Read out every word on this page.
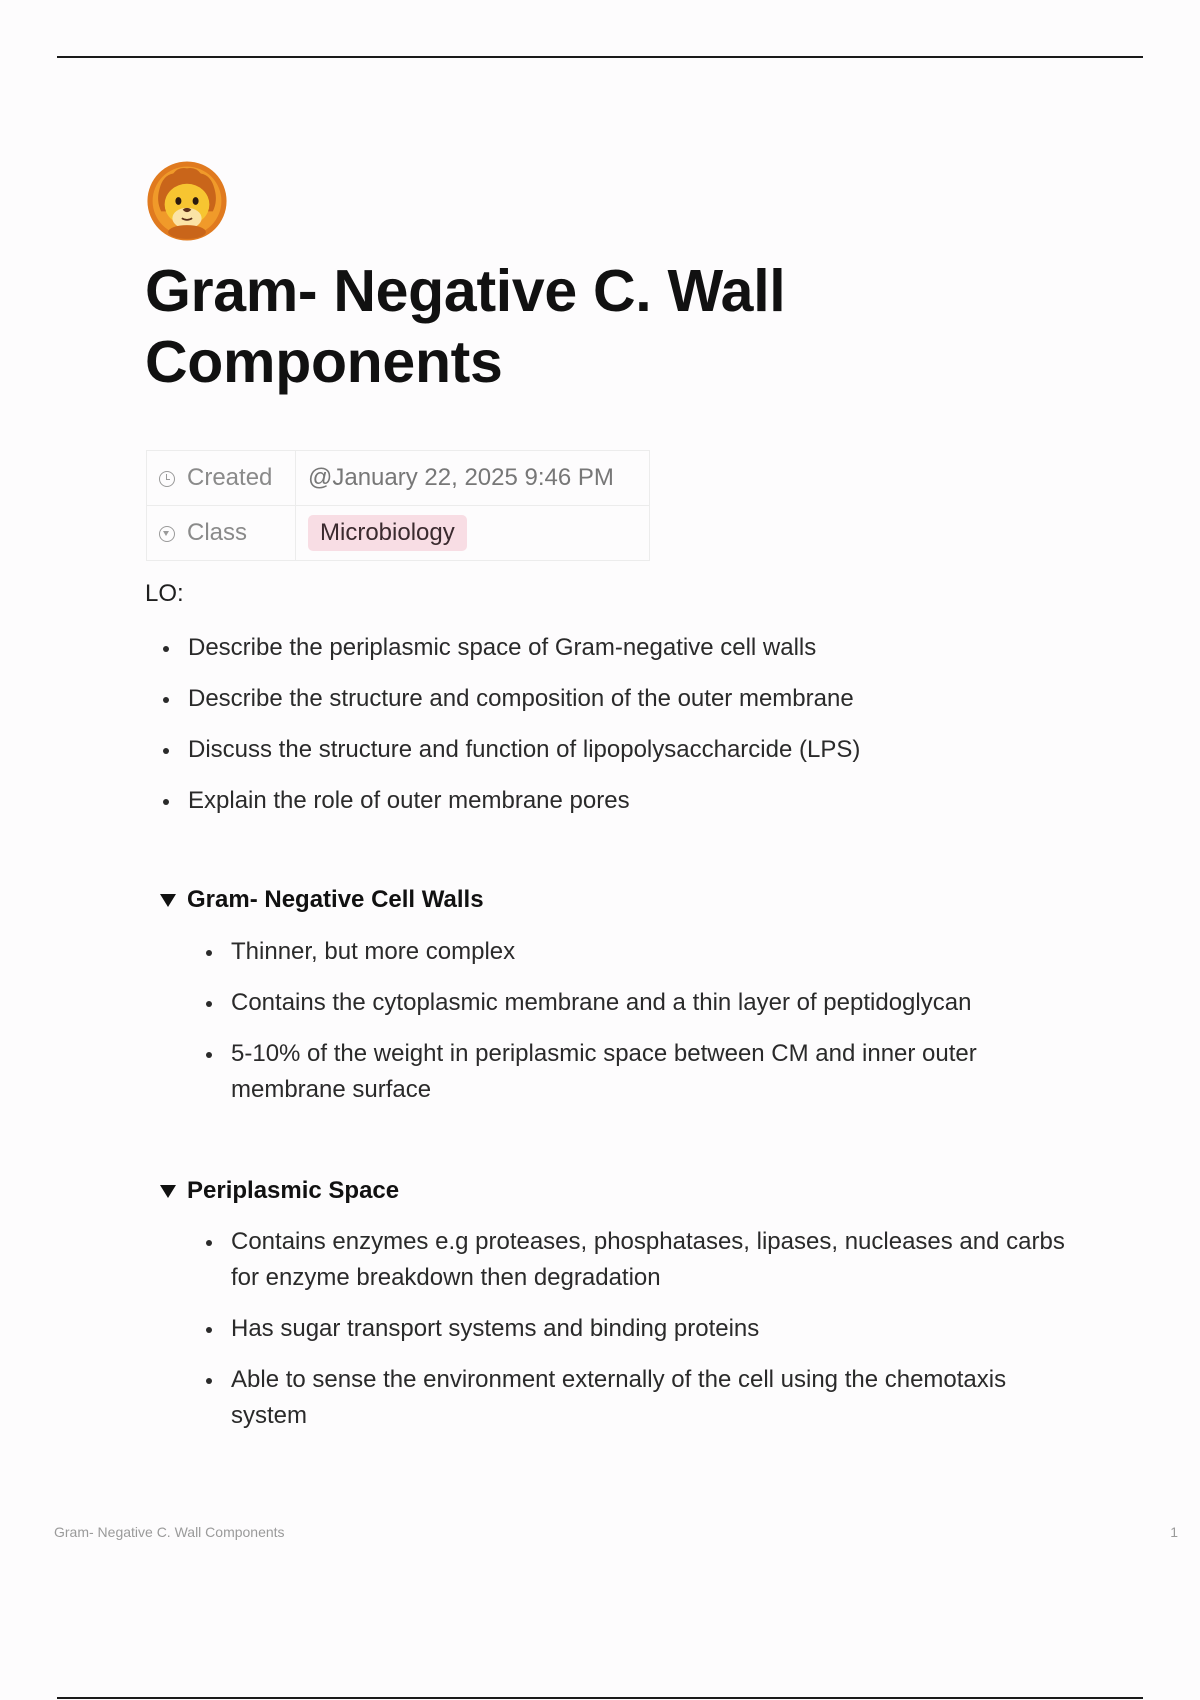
Gram- Negative C. Wall Components
Created	@January 22, 2025 9:46 PM
Class	Microbiology
LO:
Describe the periplasmic space of Gram-negative cell walls
Describe the structure and composition of the outer membrane
Discuss the structure and function of lipopolysaccharcide (LPS)
Explain the role of outer membrane pores
Gram- Negative Cell Walls
Thinner, but more complex
Contains the cytoplasmic membrane and a thin layer of peptidoglycan
5-10% of the weight in periplasmic space between CM and inner outer membrane surface
Periplasmic Space
Contains enzymes e.g proteases, phosphatases, lipases, nucleases and carbs for enzyme breakdown then degradation
Has sugar transport systems and binding proteins
Able to sense the environment externally of the cell using the chemotaxis system
Gram- Negative C. Wall Components	1
